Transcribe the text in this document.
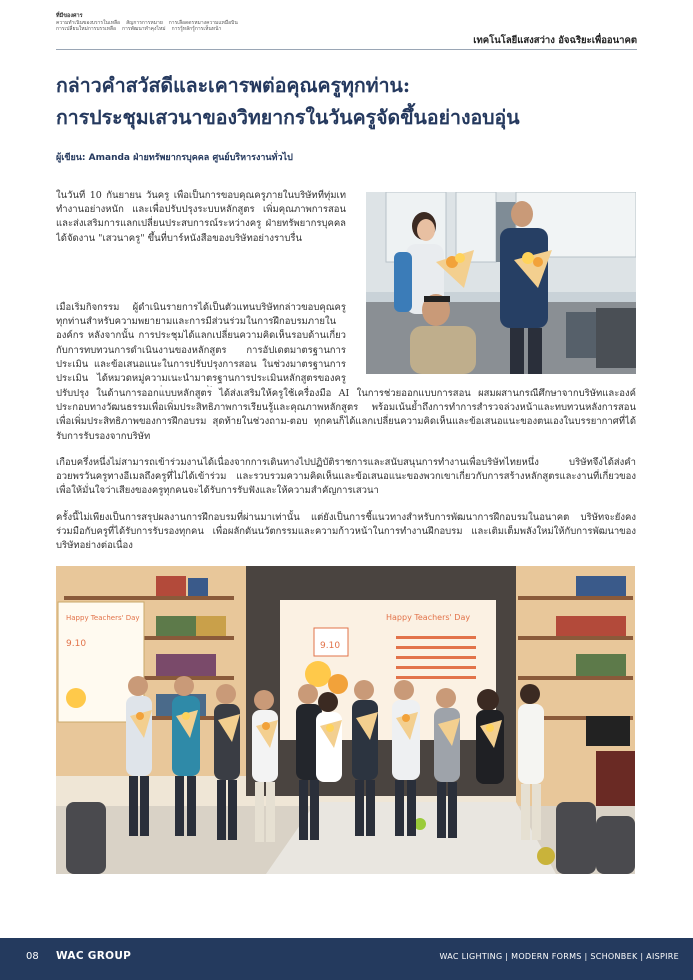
ที่มีของศาร
ความทำเนินของบรารในเหลือ สัญการการหมาย การเลือดดรหมางความแหมือบิน
การเปลี่ยนใหม่การบรรเหลือ การพัฒนาทำคุงไหม่ การรู้หลักรู้การเห็นหน้า
เทคโนโลยีแสงสว่าง อัจฉริยะเพื่ออนาคต
กล่าวคำสวัสดีและเคารพต่อคุณครูทุกท่าน:
การประชุมเสวนาของวิทยากรในวันครูจัดขึ้นอย่างอบอุ่น
ผู้เขียน: Amanda ฝ่ายทรัพยากรบุคคล ศูนย์บริหารงานทั่วไป
ในวันที่ 10 กันยายน วันครู เพื่อเป็นการขอบคุณครูภายในบริษัทที่ทุ่มเททำงานอย่างหนัก และเพื่อปรับปรุงระบบหลักสูตร เพิ่มคุณภาพการสอน และส่งเสริมการแลกเปลี่ยนประสบการณ์ระหว่างครู ฝ่ายทรัพยากรบุคคลได้จัดงาน "เสวนาครู" ขึ้นที่บาร์หนังสือของบริษัทอย่างราบรื่น
เมื่อเริ่มกิจกรรม ผู้ดำเนินรายการได้เป็นตัวแทนบริษัทกล่าวขอบคุณครูทุกท่านสำหรับความพยายามและการมีส่วนร่วมในการฝึกอบรมภายในองค์กร หลังจากนั้น การประชุมได้แลกเปลี่ยนความคิดเห็นรอบด้านเกี่ยวกับการทบทวนการดำเนินงานของหลักสูตร การอัปเดตมาตรฐานการประเมิน และข้อเสนอแนะในการปรับปรุงการสอน ในช่วงมาตรฐานการประเมิน ได้หมวดหมู่ความเนะนำมาตรฐานการประเมินหลักสูตรของครู
ปรับปรุง ในด้านการออกแบบหลักสูตร ได้ส่งเสริมให้ครูใช้เครื่องมือ AI ในการช่วยออกแบบการสอน ผสมผสานกรณีศึกษาจากบริษัทและองค์ประกอบทางวัฒนธรรมเพื่อเพิ่มประสิทธิภาพการเรียนรู้และคุณภาพหลักสูตร พร้อมเน้นย้ำถึงการทำการสำรวจล่วงหน้าและทบทวนหลังการสอนเพื่อเพิ่มประสิทธิภาพของการฝึกอบรม สุดท้ายในช่วงถาม-ตอบ ทุกคนก็ได้แลกเปลี่ยนความคิดเห็นและข้อเสนอแนะของตนเองในบรรยากาศที่ได้รับการรับรองจากบริษัท
เกือบครึ่งหนึ่งไม่สามารถเข้าร่วมงานได้เนื่องจากการเดินทางไปปฏิบัติราชการและสนับสนุนการทำงานเพื่อบริษัทไทยหนึ่ง บริษัทจึงได้ส่งคำอวยพรวันครูทางอีเมลถึงครูที่ไม่ได้เข้าร่วม และรวบรวมความคิดเห็นและข้อเสนอแนะของพวกเขาเกี่ยวกับการสร้างหลักสูตรและงานที่เกี่ยวของ เพื่อให้มั่นใจว่าเสียงของครูทุกคนจะได้รับการรับฟังและให้ความสำคัญการเสวนา
ครั้งนี้ไม่เพียงเป็นการสรุปผลงานการฝึกอบรมที่ผ่านมาเท่านั้น แต่ยังเป็นการชี้แนวทางสำหรับการพัฒนาการฝึกอบรมในอนาคต บริษัทจะยังคงร่วมมือกับครูที่ได้รับการรับรองทุกคน เพื่อผลักดันนวัตกรรมและความก้าวหน้าในการทำงานฝึกอบรม และเติมเต็มพลังใหม่ให้กับการพัฒนาของบริษัทอย่างต่อเนื่อง
Happy Teachers' Day
9.10
Happy Teachers' Day
9.10
08 WAC GROUP	WAC LIGHTING | MODERN FORMS | SCHONBEK | AISPIRE
